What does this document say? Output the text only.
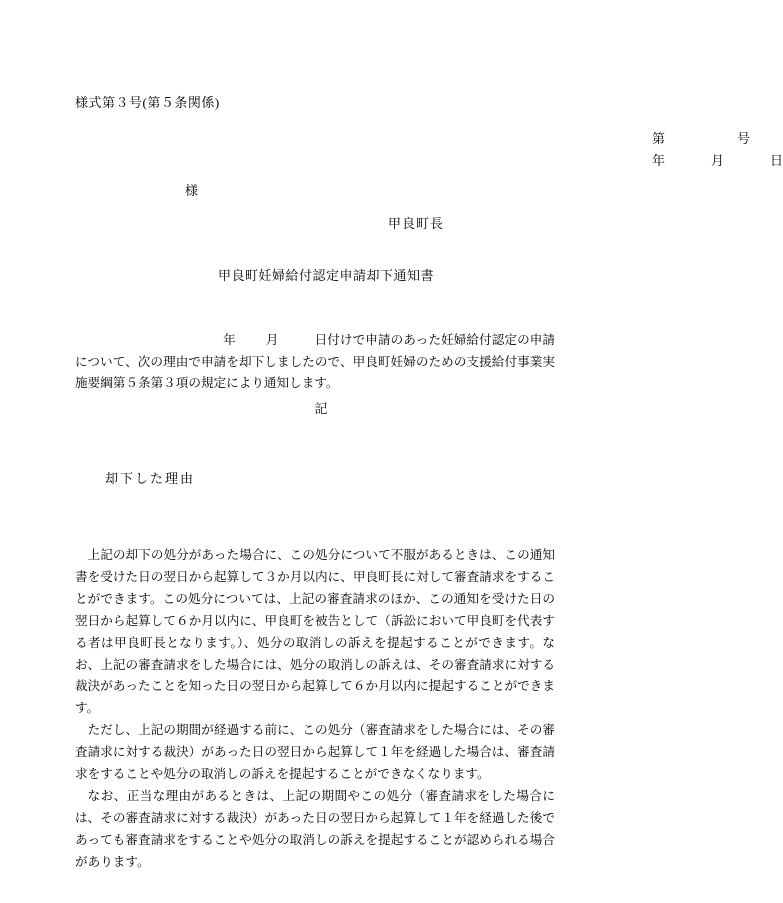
様式第３号(第５条関係)
第	号
年	月	日
様
甲良町長
甲良町妊婦給付認定申請却下通知書

年 月	日付けで申請のあった妊婦給付認定の申請について、次の理由で申請を却下しましたので、甲良町妊婦のための支援給付事業実施要綱第５条第３項の規定により通知します。

記
却下した理由

上記の却下の処分があった場合に、この処分について不服があるときは、この通知書を受けた日の翌日から起算して３か月以内に、甲良町長に対して審査請求をすることができます。この処分については、上記の審査請求のほか、この通知を受けた日の翌日から起算して６か月以内に、甲良町を被告として（訴訟において甲良町を代表する者は甲良町長となります。）、処分の取消しの訴えを提起することができます。なお、上記の審査請求をした場合には、処分の取消しの訴えは、その審査請求に対する裁決があったことを知った日の翌日から起算して６か月以内に提起することができます。

ただし、上記の期間が経過する前に、この処分（審査請求をした場合には、その審査請求に対する裁決）があった日の翌日から起算して１年を経過した場合は、審査請求をすることや処分の取消しの訴えを提起することができなくなります。

なお、正当な理由があるときは、上記の期間やこの処分（審査請求をした場合には、その審査請求に対する裁決）があった日の翌日から起算して１年を経過した後であっても審査請求をすることや処分の取消しの訴えを提起することが認められる場合があります。
